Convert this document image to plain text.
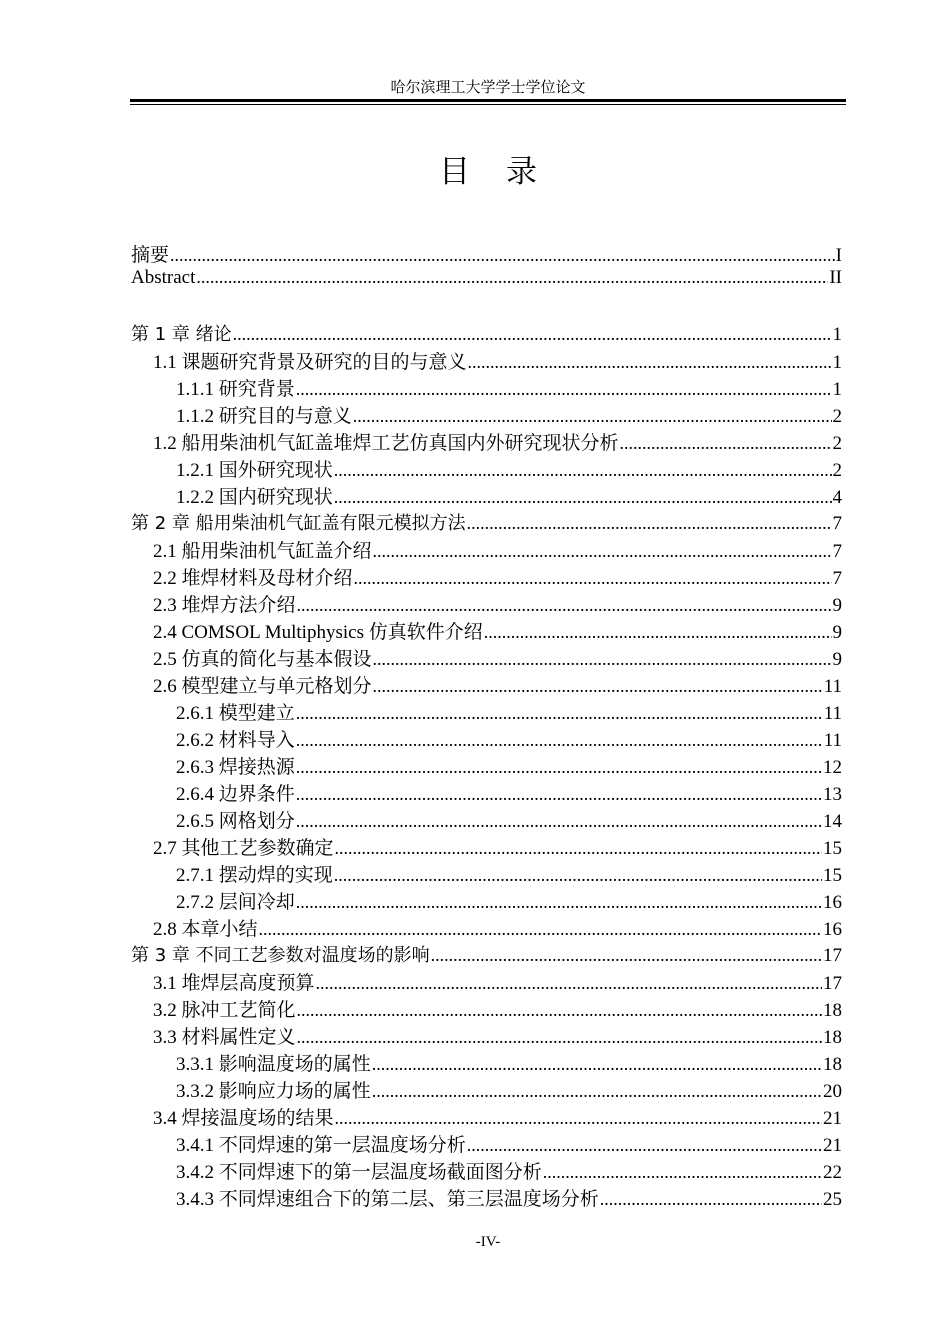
哈尔滨理工大学学士学位论文
目录
摘要 .....	I
Abstract .....	II
第 1 章 绪论 .....	1
1.1 课题研究背景及研究的目的与意义 .....	1
1.1.1 研究背景 .....	1
1.1.2 研究目的与意义 .....	2
1.2 船用柴油机气缸盖堆焊工艺仿真国内外研究现状分析 .....	2
1.2.1 国外研究现状 .....	2
1.2.2 国内研究现状 .....	4
第 2 章 船用柴油机气缸盖有限元模拟方法 .....	7
2.1 船用柴油机气缸盖介绍 .....	7
2.2 堆焊材料及母材介绍 .....	7
2.3 堆焊方法介绍 .....	9
2.4 COMSOL Multiphysics 仿真软件介绍 .....	9
2.5 仿真的简化与基本假设 .....	9
2.6 模型建立与单元格划分 .....	11
2.6.1 模型建立 .....	11
2.6.2 材料导入 .....	11
2.6.3 焊接热源 .....	12
2.6.4 边界条件 .....	13
2.6.5 网格划分 .....	14
2.7 其他工艺参数确定 .....	15
2.7.1 摆动焊的实现 .....	15
2.7.2 层间冷却 .....	16
2.8 本章小结 .....	16
第 3 章 不同工艺参数对温度场的影响 .....	17
3.1 堆焊层高度预算 .....	17
3.2 脉冲工艺简化 .....	18
3.3 材料属性定义 .....	18
3.3.1 影响温度场的属性 .....	18
3.3.2 影响应力场的属性 .....	20
3.4 焊接温度场的结果 .....	21
3.4.1 不同焊速的第一层温度场分析 .....	21
3.4.2 不同焊速下的第一层温度场截面图分析 .....	22
3.4.3 不同焊速组合下的第二层、第三层温度场分析 .....	25
-IV-
